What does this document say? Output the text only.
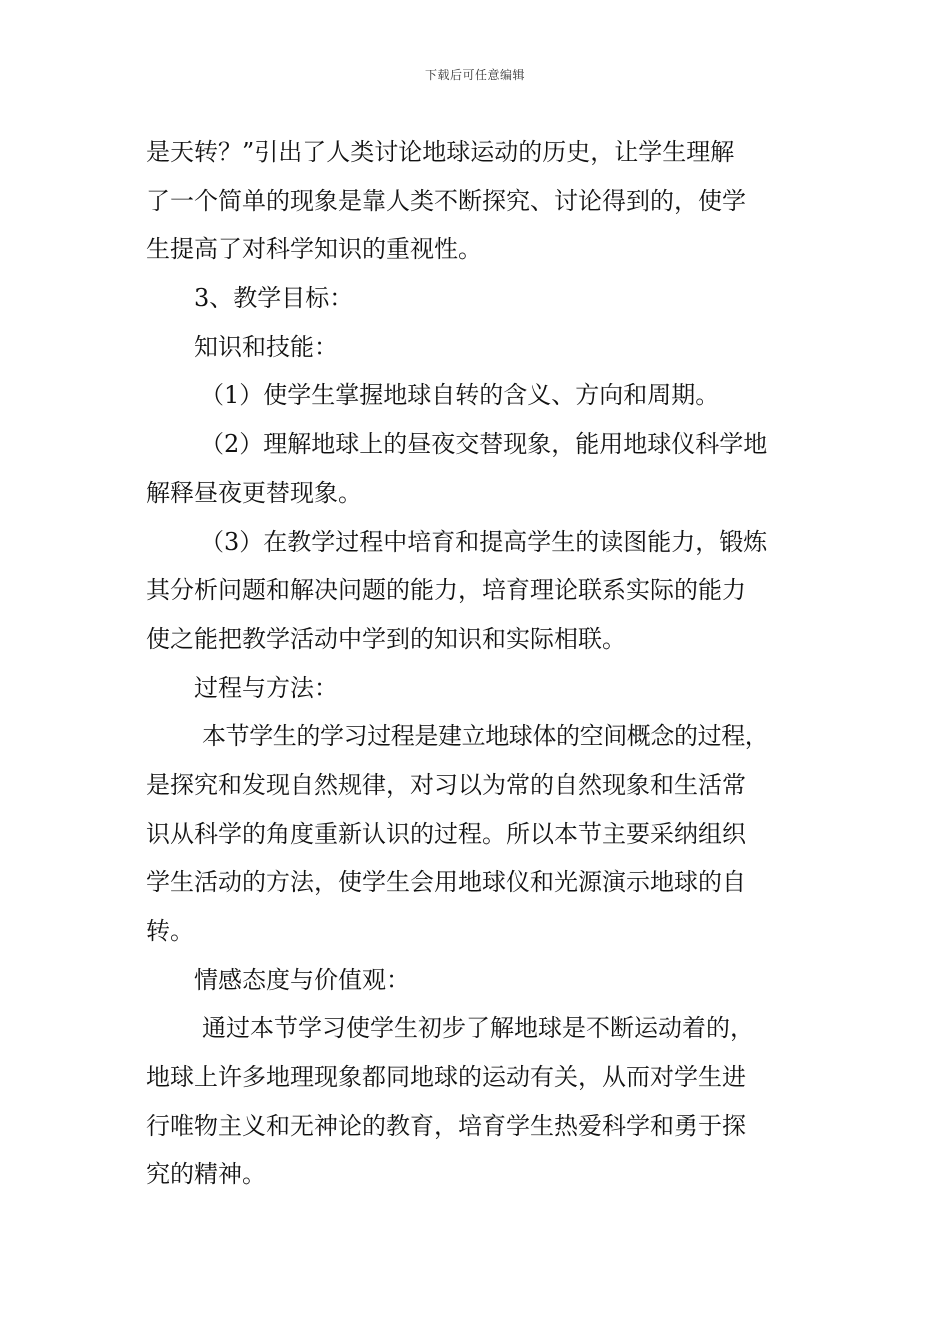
下载后可任意编辑
是天转？”引出了人类讨论地球运动的历史，让学生理解
了一个简单的现象是靠人类不断探究、讨论得到的，使学
生提高了对科学知识的重视性。
3、教学目标：
知识和技能：
（1）使学生掌握地球自转的含义、方向和周期。
（2）理解地球上的昼夜交替现象，能用地球仪科学地
解释昼夜更替现象。
（3）在教学过程中培育和提高学生的读图能力，锻炼
其分析问题和解决问题的能力，培育理论联系实际的能力
使之能把教学活动中学到的知识和实际相联。
过程与方法：
本节学生的学习过程是建立地球体的空间概念的过程，
是探究和发现自然规律，对习以为常的自然现象和生活常
识从科学的角度重新认识的过程。所以本节主要采纳组织
学生活动的方法，使学生会用地球仪和光源演示地球的自
转。
情感态度与价值观：
通过本节学习使学生初步了解地球是不断运动着的，
地球上许多地理现象都同地球的运动有关，从而对学生进
行唯物主义和无神论的教育，培育学生热爱科学和勇于探
究的精神。
